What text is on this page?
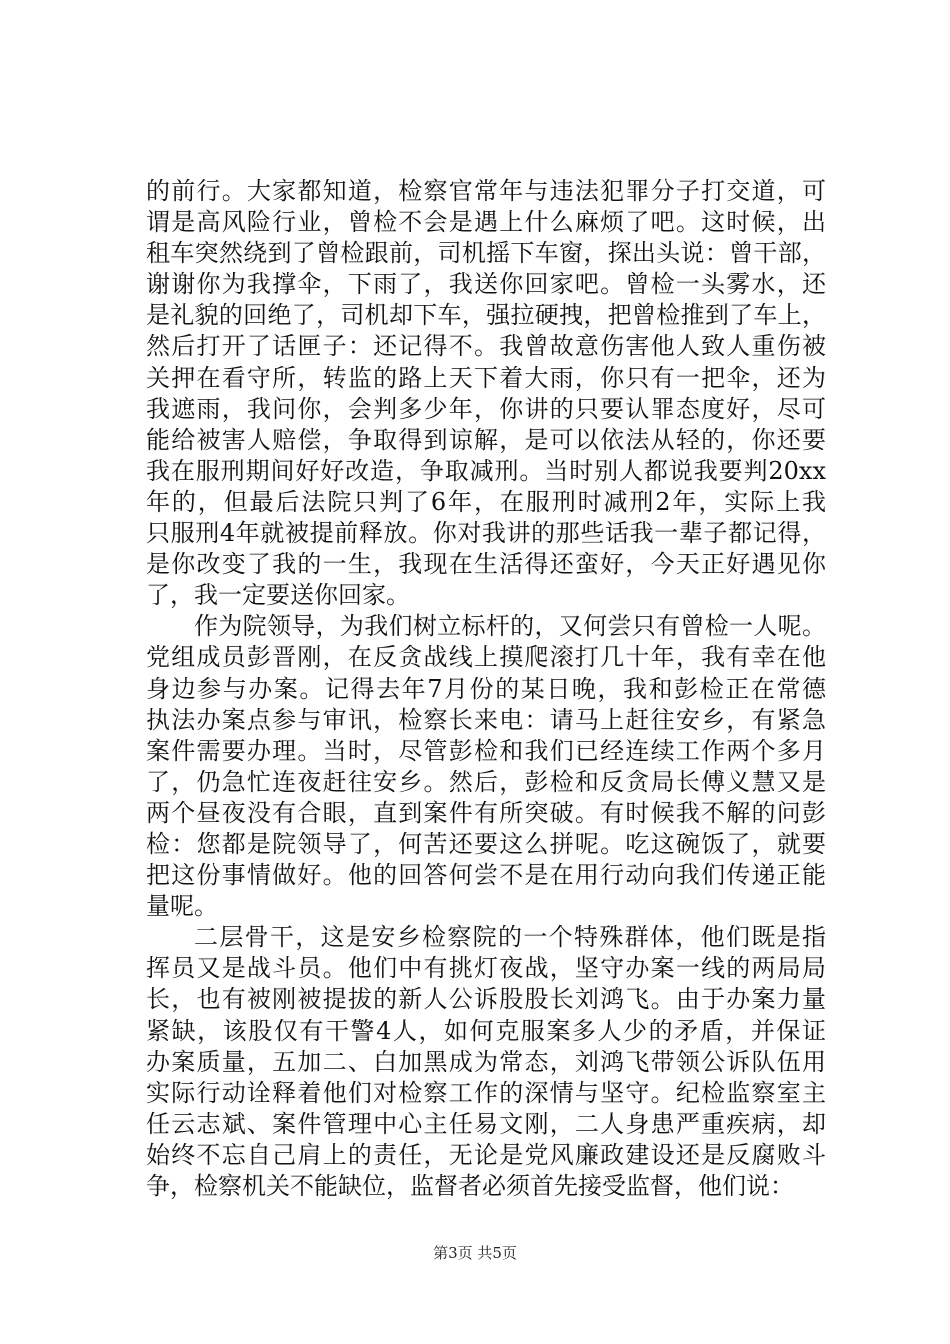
的前行。大家都知道，检察官常年与违法犯罪分子打交道，可
谓是高风险行业，曾检不会是遇上什么麻烦了吧。这时候，出
租车突然绕到了曾检跟前，司机摇下车窗，探出头说：曾干部，
谢谢你为我撑伞，下雨了，我送你回家吧。曾检一头雾水，还
是礼貌的回绝了，司机却下车，强拉硬拽，把曾检推到了车上，
然后打开了话匣子：还记得不。我曾故意伤害他人致人重伤被
关押在看守所，转监的路上天下着大雨，你只有一把伞，还为
我遮雨，我问你，会判多少年，你讲的只要认罪态度好，尽可
能给被害人赔偿，争取得到谅解，是可以依法从轻的，你还要
我在服刑期间好好改造，争取减刑。当时别人都说我要判20xx
年的，但最后法院只判了6年，在服刑时减刑2年，实际上我
只服刑4年就被提前释放。你对我讲的那些话我一辈子都记得，
是你改变了我的一生，我现在生活得还蛮好，今天正好遇见你
了，我一定要送你回家。
作为院领导，为我们树立标杆的，又何尝只有曾检一人呢。
党组成员彭晋刚，在反贪战线上摸爬滚打几十年，我有幸在他
身边参与办案。记得去年7月份的某日晚，我和彭检正在常德
执法办案点参与审讯，检察长来电：请马上赶往安乡，有紧急
案件需要办理。当时，尽管彭检和我们已经连续工作两个多月
了，仍急忙连夜赶往安乡。然后，彭检和反贪局长傅义慧又是
两个昼夜没有合眼，直到案件有所突破。有时候我不解的问彭
检：您都是院领导了，何苦还要这么拼呢。吃这碗饭了，就要
把这份事情做好。他的回答何尝不是在用行动向我们传递正能
量呢。
二层骨干，这是安乡检察院的一个特殊群体，他们既是指
挥员又是战斗员。他们中有挑灯夜战，坚守办案一线的两局局
长，也有被刚被提拔的新人公诉股股长刘鸿飞。由于办案力量
紧缺，该股仅有干警4人，如何克服案多人少的矛盾，并保证
办案质量，五加二、白加黑成为常态，刘鸿飞带领公诉队伍用
实际行动诠释着他们对检察工作的深情与坚守。纪检监察室主
任云志斌、案件管理中心主任易文刚，二人身患严重疾病，却
始终不忘自己肩上的责任，无论是党风廉政建设还是反腐败斗
争，检察机关不能缺位，监督者必须首先接受监督，他们说：
第3页 共5页
